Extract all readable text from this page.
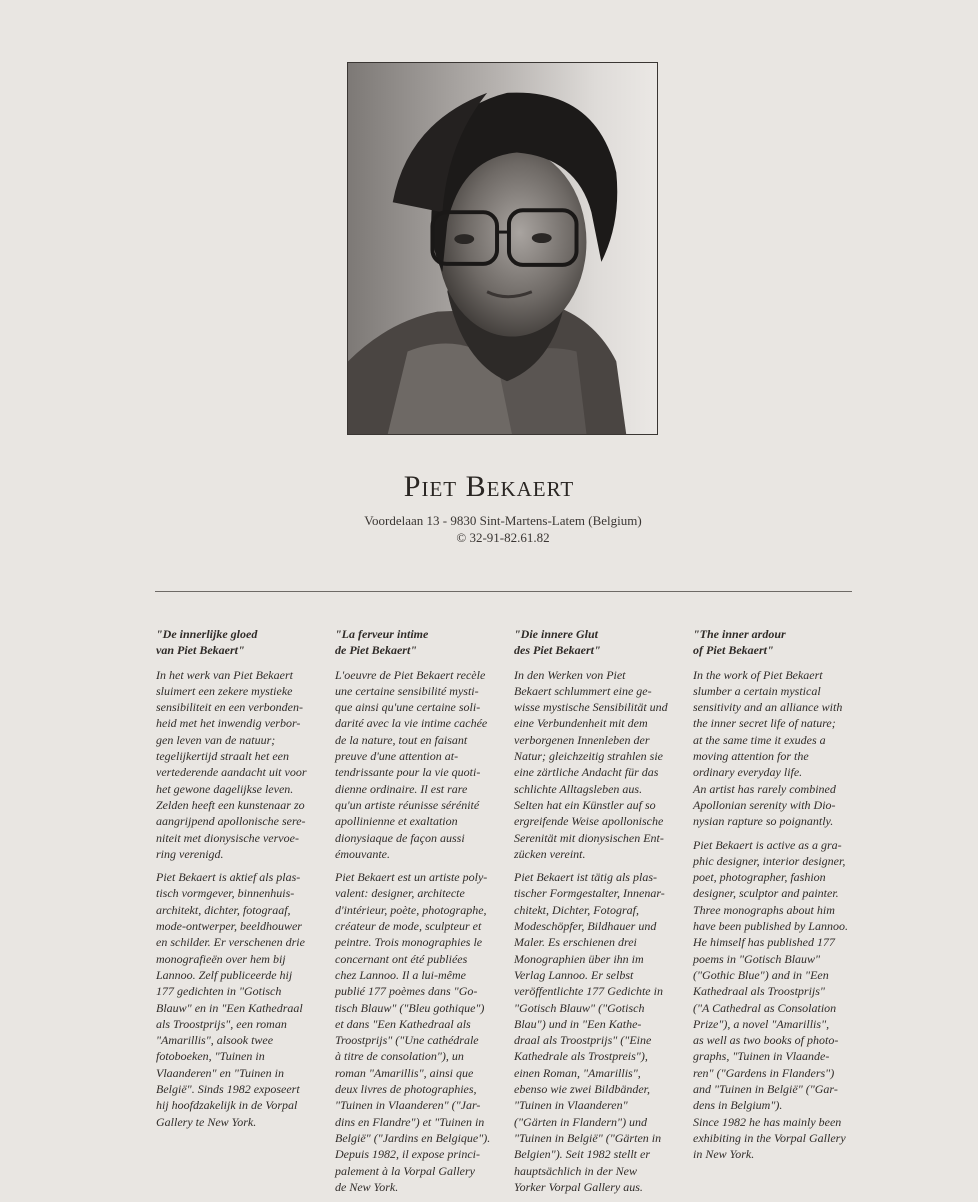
Piet Bekaert
Voordelaan 13 - 9830 Sint-Martens-Latem (Belgium)
© 32-91-82.61.82
"De innerlijke gloed
van Piet Bekaert"

In het werk van Piet Bekaert
sluimert een zekere mystieke
sensibiliteit en een verbonden-
heid met het inwendig verbor-
gen leven van de natuur;
tegelijkertijd straalt het een
vertederende aandacht uit voor
het gewone dagelijkse leven.
Zelden heeft een kunstenaar zo
aangrijpend apollonische sere-
niteit met dionysische vervoe-
ring verenigd.

Piet Bekaert is aktief als plas-
tisch vormgever, binnenhuis-
architekt, dichter, fotograaf,
mode-ontwerper, beeldhouwer
en schilder. Er verschenen drie
monografieën over hem bij
Lannoo. Zelf publiceerde hij
177 gedichten in "Gotisch
Blauw" en in "Een Kathedraal
als Troostprijs", een roman
"Amarillis", alsook twee
fotoboeken, "Tuinen in
Vlaanderen" en "Tuinen in
België". Sinds 1982 exposeert
hij hoofdzakelijk in de Vorpal
Gallery te New York.

"La ferveur intime
de Piet Bekaert"

L'oeuvre de Piet Bekaert recèle
une certaine sensibilité mysti-
que ainsi qu'une certaine soli-
darité avec la vie intime cachée
de la nature, tout en faisant
preuve d'une attention at-
tendrissante pour la vie quoti-
dienne ordinaire. Il est rare
qu'un artiste réunisse sérénité
apollinienne et exaltation
dionysiaque de façon aussi
émouvante.

Piet Bekaert est un artiste poly-
valent: designer, architecte
d'intérieur, poète, photographe,
créateur de mode, sculpteur et
peintre. Trois monographies le
concernant ont été publiées
chez Lannoo. Il a lui-même
publié 177 poèmes dans "Go-
tisch Blauw" ("Bleu gothique")
et dans "Een Kathedraal als
Troostprijs" ("Une cathédrale
à titre de consolation"), un
roman "Amarillis", ainsi que
deux livres de photographies,
"Tuinen in Vlaanderen" ("Jar-
dins en Flandre") et "Tuinen in
België" ("Jardins en Belgique").
Depuis 1982, il expose princi-
palement à la Vorpal Gallery
de New York.

"Die innere Glut
des Piet Bekaert"

In den Werken von Piet
Bekaert schlummert eine ge-
wisse mystische Sensibilität und
eine Verbundenheit mit dem
verborgenen Innenleben der
Natur; gleichzeitig strahlen sie
eine zärtliche Andacht für das
schlichte Alltagsleben aus.
Selten hat ein Künstler auf so
ergreifende Weise apollonische
Serenität mit dionysischen Ent-
zücken vereint.

Piet Bekaert ist tätig als plas-
tischer Formgestalter, Innenar-
chitekt, Dichter, Fotograf,
Modeschöpfer, Bildhauer und
Maler. Es erschienen drei
Monographien über ihn im
Verlag Lannoo. Er selbst
veröffentlichte 177 Gedichte in
"Gotisch Blauw" ("Gotisch
Blau") und in "Een Kathe-
draal als Troostprijs" ("Eine
Kathedrale als Trostpreis"),
einen Roman, "Amarillis",
ebenso wie zwei Bildbänder,
"Tuinen in Vlaanderen"
("Gärten in Flandern") und
"Tuinen in België" ("Gärten in
Belgien"). Seit 1982 stellt er
hauptsächlich in der New
Yorker Vorpal Gallery aus.

"The inner ardour
of Piet Bekaert"

In the work of Piet Bekaert
slumber a certain mystical
sensitivity and an alliance with
the inner secret life of nature;
at the same time it exudes a
moving attention for the
ordinary everyday life.
An artist has rarely combined
Apollonian serenity with Dio-
nysian rapture so poignantly.

Piet Bekaert is active as a gra-
phic designer, interior designer,
poet, photographer, fashion
designer, sculptor and painter.
Three monographs about him
have been published by Lannoo.
He himself has published 177
poems in "Gotisch Blauw"
("Gothic Blue") and in "Een
Kathedraal als Troostprijs"
("A Cathedral as Consolation
Prize"), a novel "Amarillis",
as well as two books of photo-
graphs, "Tuinen in Vlaande-
ren" ("Gardens in Flanders")
and "Tuinen in België" ("Gar-
dens in Belgium").
Since 1982 he has mainly been
exhibiting in the Vorpal Gallery
in New York.
